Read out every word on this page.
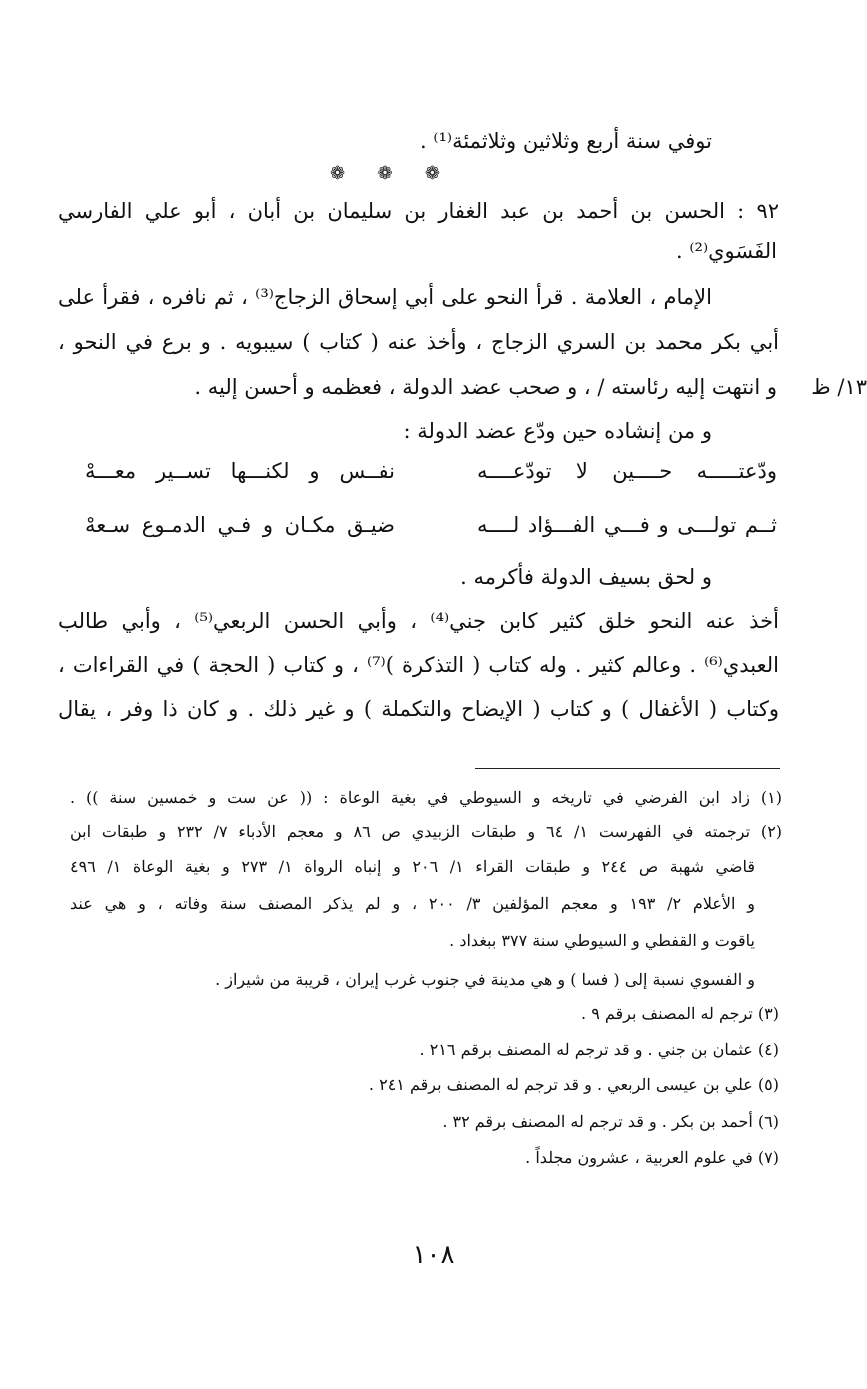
توفي سنة أربع وثلاثين وثلاثمئة⁽¹⁾ .
❁ ❁ ❁
٩٢ : الحسن بن أحمد بن عبد الغفار بن سليمان بن أبان ، أبو علي الفارسي
الفَسَوي⁽²⁾ .
الإمام ، العلامة . قرأ النحو على أبي إسحاق الزجاج⁽³⁾ ، ثم نافره ، فقرأ على
أبي بكر محمد بن السري الزجاج ، وأخذ عنه ( كتاب ) سيبويه . و برع في النحو ،
و انتهت إليه رئاسته / ، و صحب عضد الدولة ، فعظمه و أحسن إليه . ١٣/ ظ
و من إنشاده حين ودّع عضد الدولة :
ودّعتـــــه حــــين لا تودّعــــه
نفــس و لكنـــها تســير معـــهْ
ثــم تولـــى و فـــي الفـــؤاد لــــه
ضيـق مكـان و فـي الدمـوع سـعهْ
و لحق بسيف الدولة فأكرمه .
أخذ عنه النحو خلق كثير كابن جني⁽⁴⁾ ، وأبي الحسن الربعي⁽⁵⁾ ، وأبي طالب
العبدي⁽⁶⁾ . وعالم كثير . وله كتاب ( التذكرة )⁽⁷⁾ ، و كتاب ( الحجة ) في القراءات ،
وكتاب ( الأغفال ) و كتاب ( الإيضاح والتكملة ) و غير ذلك . و كان ذا وفر ، يقال
(١) زاد ابن الفرضي في تاريخه و السيوطي في بغية الوعاة : (( عن ست و خمسين سنة )) .
(٢) ترجمته في الفهرست ١/ ٦٤ و طبقات الزبيدي ص ٨٦ و معجم الأدباء ٧/ ٢٣٢ و طبقات ابن
قاضي شهبة ص ٢٤٤ و طبقات القراء ١/ ٢٠٦ و إنباه الرواة ١/ ٢٧٣ و بغية الوعاة ١/ ٤٩٦
و الأعلام ٢/ ١٩٣ و معجم المؤلفين ٣/ ٢٠٠ ، و لم يذكر المصنف سنة وفاته ، و هي عند
ياقوت و القفطي و السيوطي سنة ٣٧٧ ببغداد .
و الفسوي نسبة إلى ( فسا ) و هي مدينة في جنوب غرب إيران ، قريبة من شيراز .
(٣) ترجم له المصنف برقم ٩ .
(٤) عثمان بن جني . و قد ترجم له المصنف برقم ٢١٦ .
(٥) علي بن عيسى الربعي . و قد ترجم له المصنف برقم ٢٤١ .
(٦) أحمد بن بكر . و قد ترجم له المصنف برقم ٣٢ .
(٧) في علوم العربية ، عشرون مجلداً .
١٠٨
